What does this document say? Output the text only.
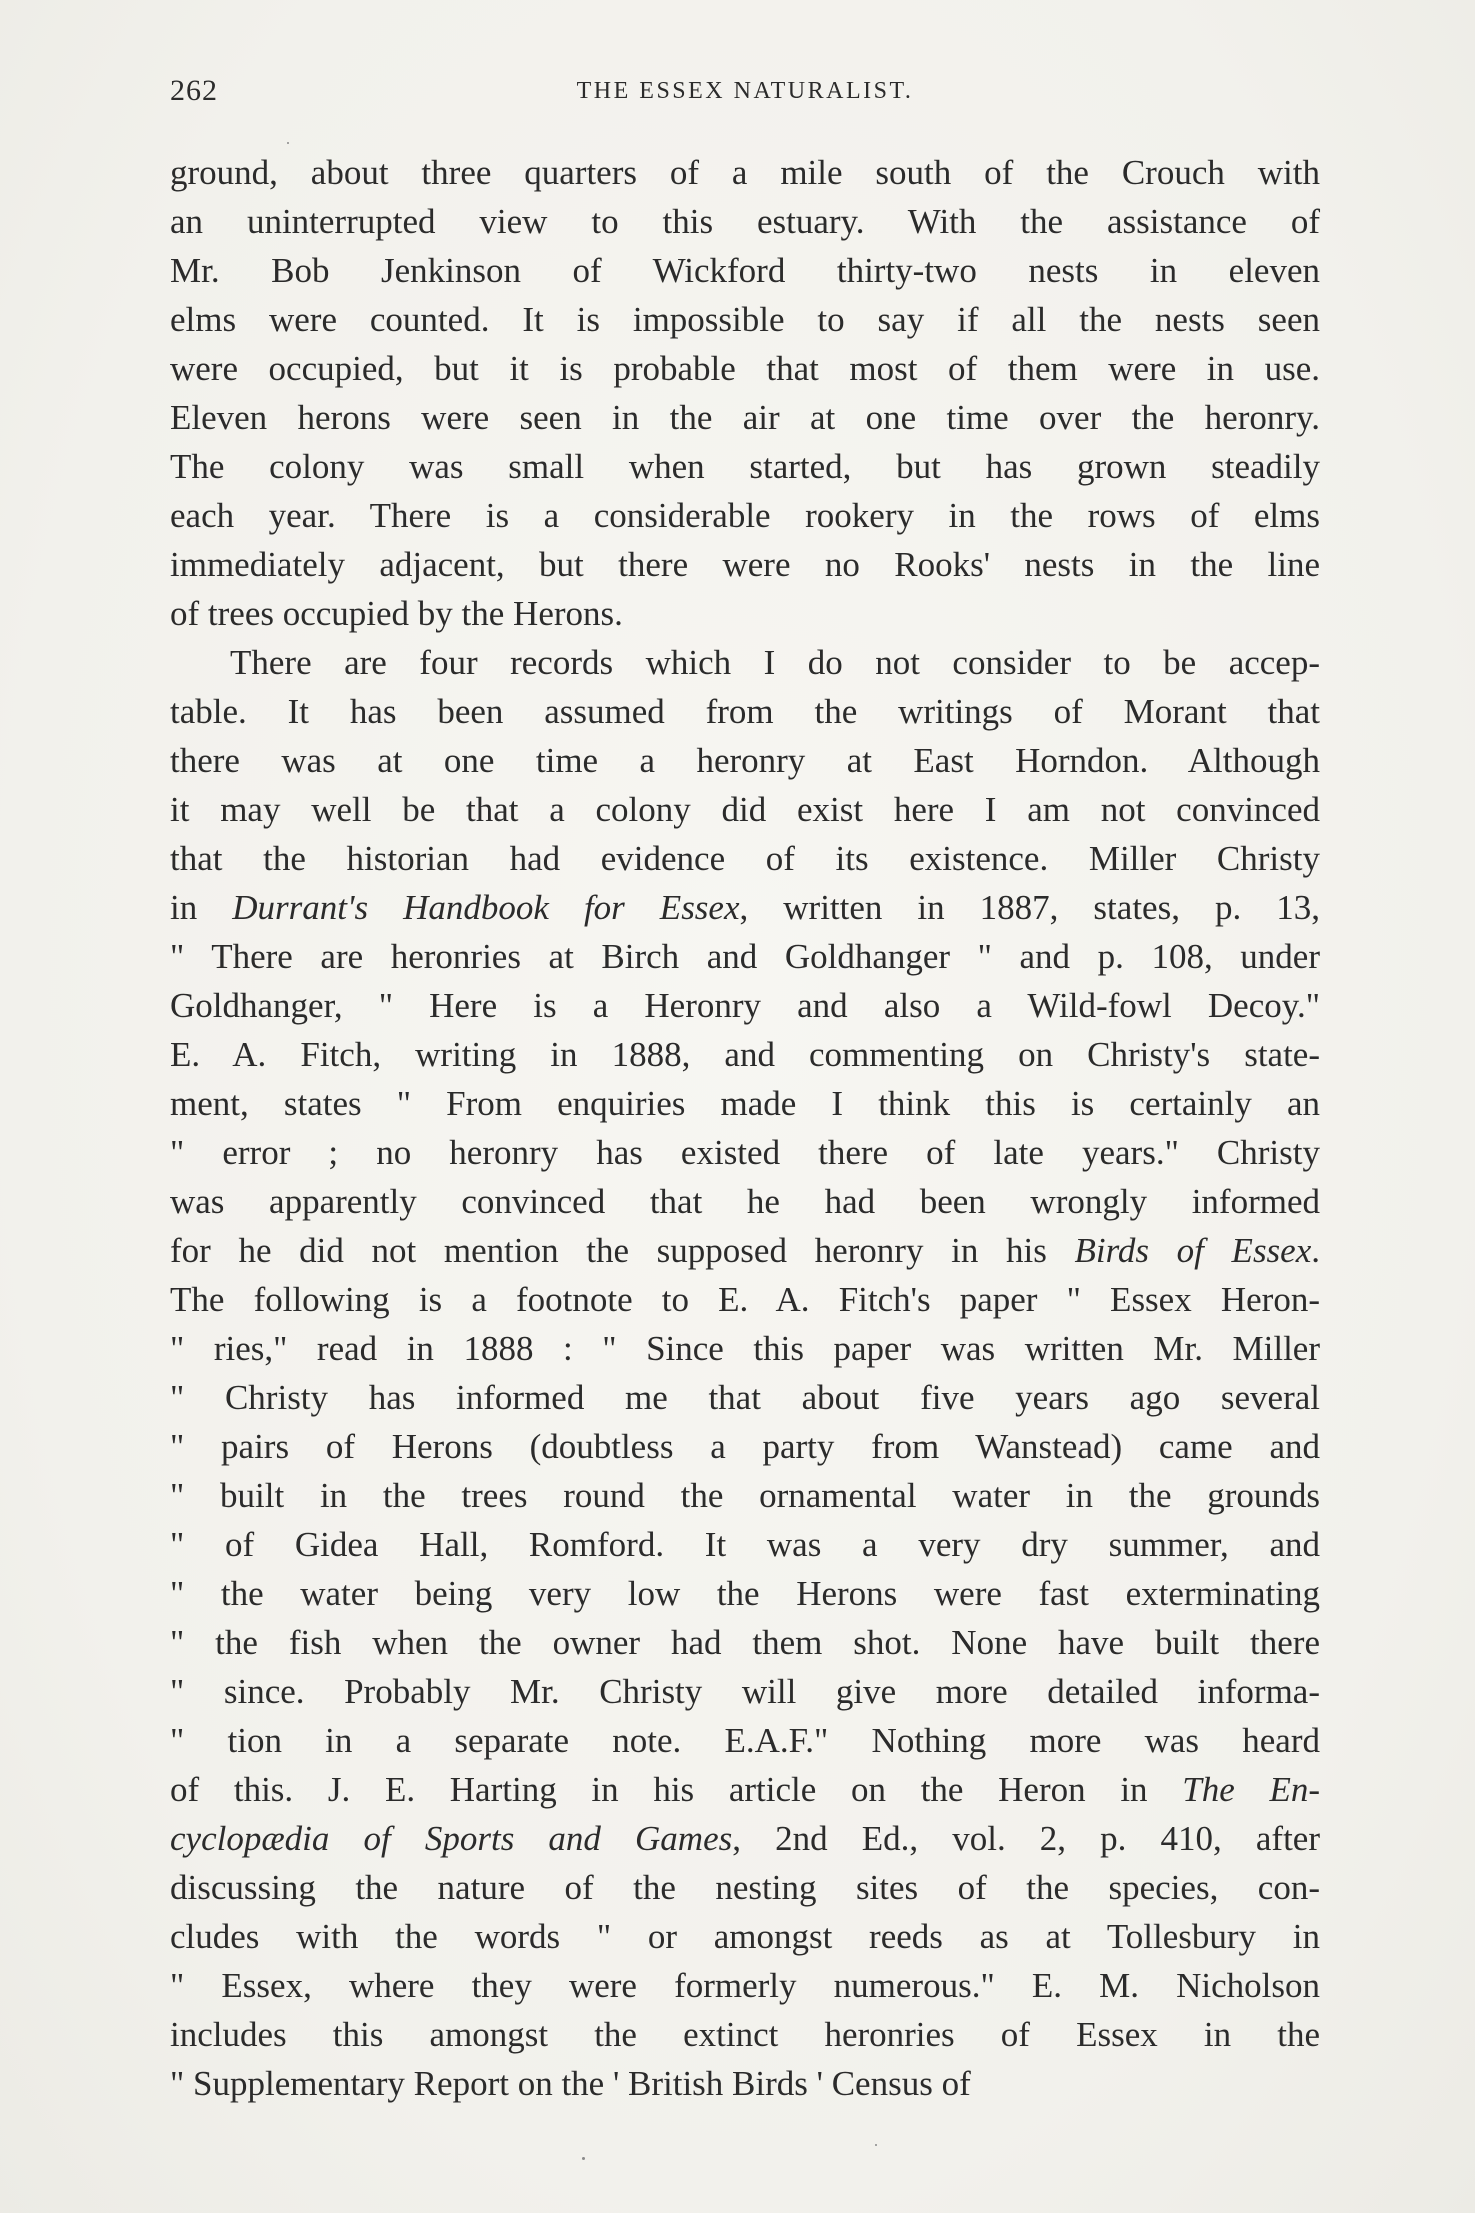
262	THE ESSEX NATURALIST.
ground, about three quarters of a mile south of the Crouch with
an uninterrupted view to this estuary. With the assistance of
Mr. Bob Jenkinson of Wickford thirty-two nests in eleven
elms were counted. It is impossible to say if all the nests seen
were occupied, but it is probable that most of them were in use.
Eleven herons were seen in the air at one time over the heronry.
The colony was small when started, but has grown steadily
each year. There is a considerable rookery in the rows of elms
immediately adjacent, but there were no Rooks' nests in the line
of trees occupied by the Herons.
There are four records which I do not consider to be accep-
table. It has been assumed from the writings of Morant that
there was at one time a heronry at East Horndon. Although
it may well be that a colony did exist here I am not convinced
that the historian had evidence of its existence. Miller Christy
in Durrant's Handbook for Essex, written in 1887, states, p. 13,
" There are heronries at Birch and Goldhanger " and p. 108, under
Goldhanger, " Here is a Heronry and also a Wild-fowl Decoy."
E. A. Fitch, writing in 1888, and commenting on Christy's state-
ment, states " From enquiries made I think this is certainly an
" error ; no heronry has existed there of late years." Christy
was apparently convinced that he had been wrongly informed
for he did not mention the supposed heronry in his Birds of Essex.
The following is a footnote to E. A. Fitch's paper " Essex Heron-
" ries," read in 1888 : " Since this paper was written Mr. Miller
" Christy has informed me that about five years ago several
" pairs of Herons (doubtless a party from Wanstead) came and
" built in the trees round the ornamental water in the grounds
" of Gidea Hall, Romford. It was a very dry summer, and
" the water being very low the Herons were fast exterminating
" the fish when the owner had them shot. None have built there
" since. Probably Mr. Christy will give more detailed informa-
" tion in a separate note. E.A.F." Nothing more was heard
of this. J. E. Harting in his article on the Heron in The En-
cyclopædia of Sports and Games, 2nd Ed., vol. 2, p. 410, after
discussing the nature of the nesting sites of the species, con-
cludes with the words " or amongst reeds as at Tollesbury in
" Essex, where they were formerly numerous." E. M. Nicholson
includes this amongst the extinct heronries of Essex in the
" Supplementary Report on the ' British Birds ' Census of
